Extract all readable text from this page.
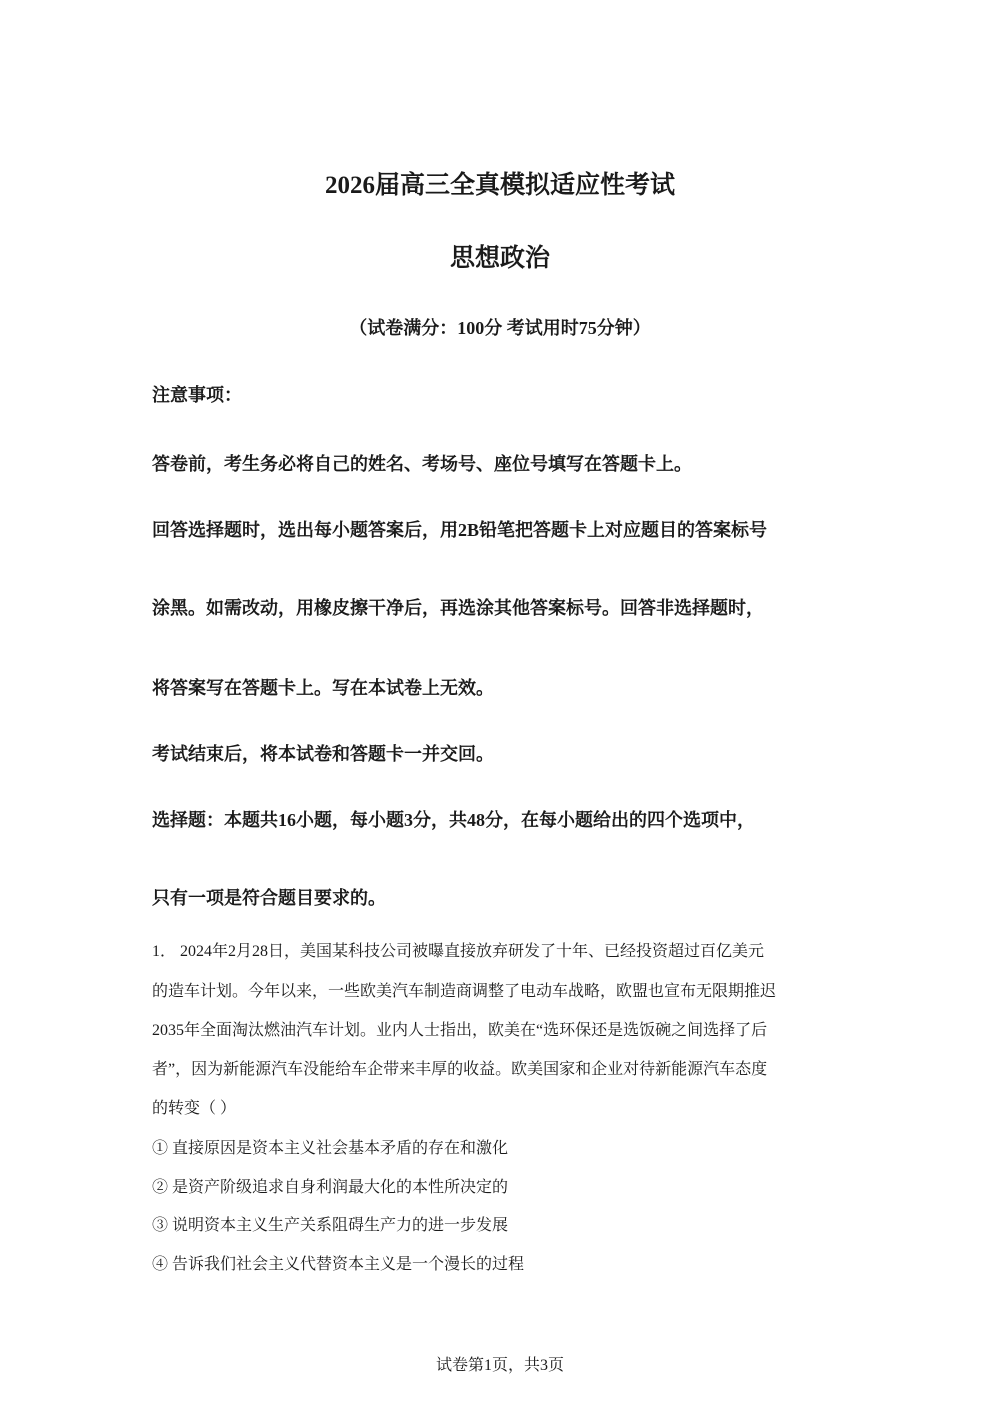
2026届高三全真模拟适应性考试
思想政治

（试卷满分：100分 考试用时75分钟）

注意事项：

答卷前，考生务必将自己的姓名、考场号、座位号填写在答题卡上。

回答选择题时，选出每小题答案后，用2B铅笔把答题卡上对应题目的答案标号

涂黑。如需改动，用橡皮擦干净后，再选涂其他答案标号。回答非选择题时，

将答案写在答题卡上。写在本试卷上无效。

考试结束后，将本试卷和答题卡一并交回。

选择题：本题共16小题，每小题3分，共48分，在每小题给出的四个选项中，

只有一项是符合题目要求的。

1． 2024年2月28日，美国某科技公司被曝直接放弃研发了十年、已经投资超过百亿美元

的造车计划。今年以来，一些欧美汽车制造商调整了电动车战略，欧盟也宣布无限期推迟

2035年全面淘汰燃油汽车计划。业内人士指出，欧美在“选环保还是选饭碗之间选择了后

者”，因为新能源汽车没能给车企带来丰厚的收益。欧美国家和企业对待新能源汽车态度

的转变（ ）

① 直接原因是资本主义社会基本矛盾的存在和激化

② 是资产阶级追求自身利润最大化的本性所决定的

③ 说明资本主义生产关系阻碍生产力的进一步发展

④ 告诉我们社会主义代替资本主义是一个漫长的过程

试卷第1页，共3页
